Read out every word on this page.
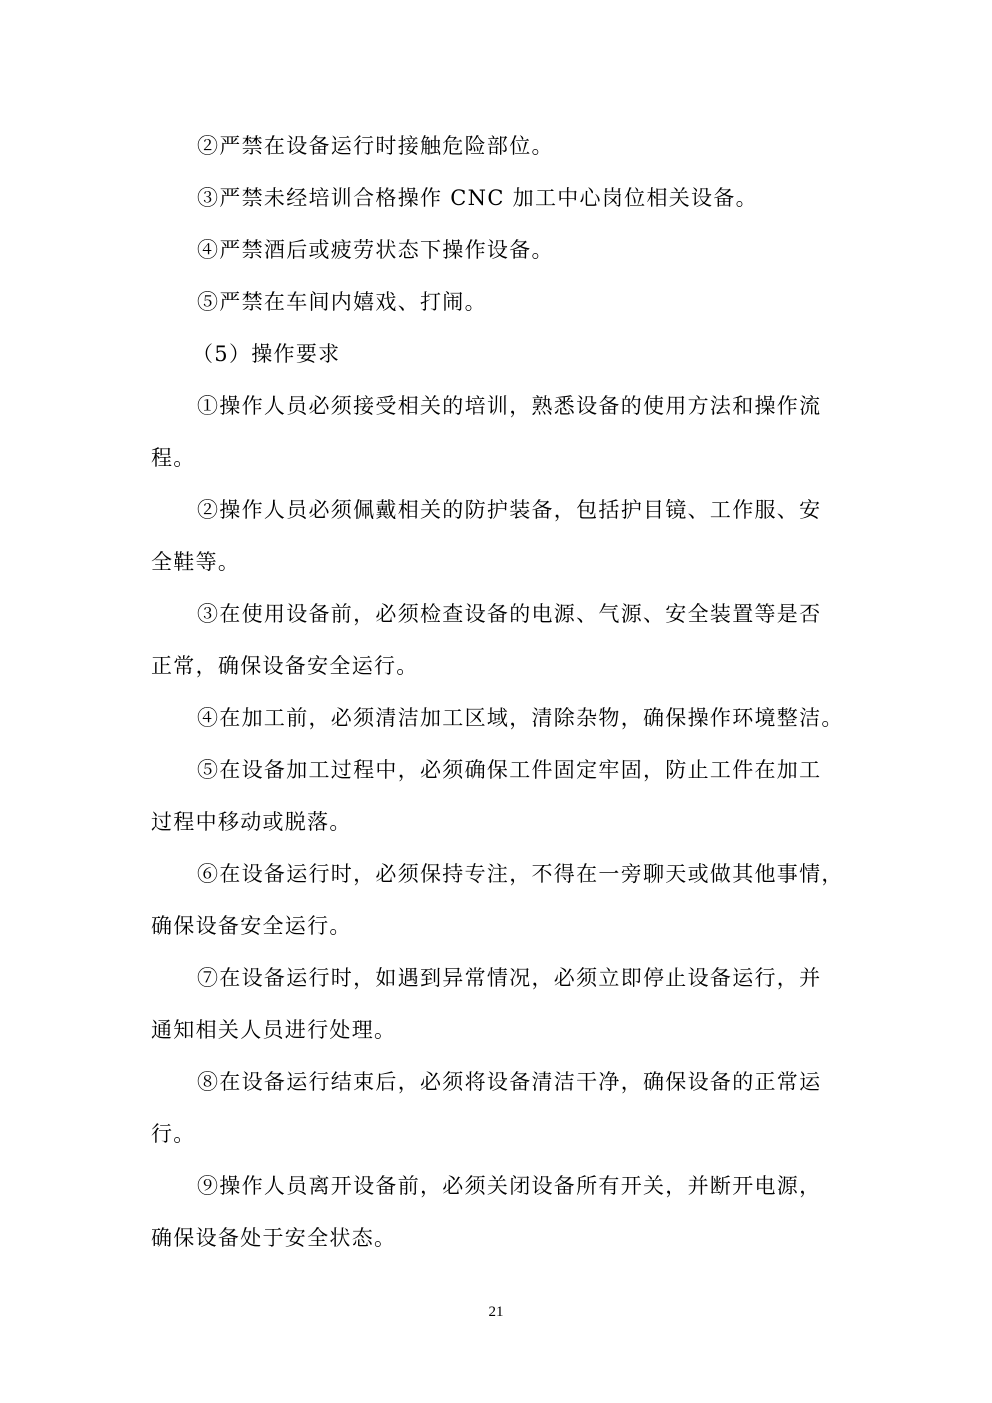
②严禁在设备运行时接触危险部位。
③严禁未经培训合格操作 CNC 加工中心岗位相关设备。
④严禁酒后或疲劳状态下操作设备。
⑤严禁在车间内嬉戏、打闹。
（5）操作要求
①操作人员必须接受相关的培训，熟悉设备的使用方法和操作流
程。
②操作人员必须佩戴相关的防护装备，包括护目镜、工作服、安
全鞋等。
③在使用设备前，必须检查设备的电源、气源、安全装置等是否
正常，确保设备安全运行。
④在加工前，必须清洁加工区域，清除杂物，确保操作环境整洁。
⑤在设备加工过程中，必须确保工件固定牢固，防止工件在加工
过程中移动或脱落。
⑥在设备运行时，必须保持专注，不得在一旁聊天或做其他事情，
确保设备安全运行。
⑦在设备运行时，如遇到异常情况，必须立即停止设备运行，并
通知相关人员进行处理。
⑧在设备运行结束后，必须将设备清洁干净，确保设备的正常运
行。
⑨操作人员离开设备前，必须关闭设备所有开关，并断开电源，
确保设备处于安全状态。
21
